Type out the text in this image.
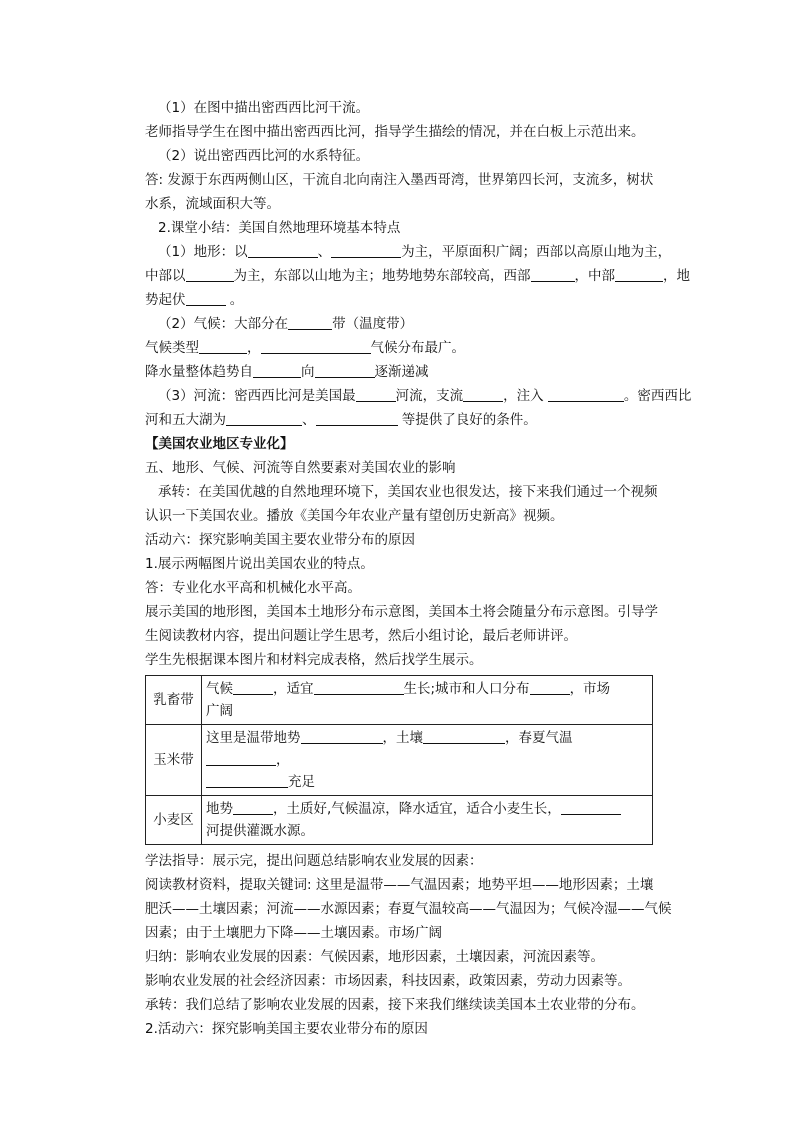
（1）在图中描出密西西比河干流。
老师指导学生在图中描出密西西比河，指导学生描绘的情况，并在白板上示范出来。
（2）说出密西西比河的水系特征。
答: 发源于东西两侧山区，干流自北向南注入墨西哥湾，世界第四长河，支流多，树状
水系，流域面积大等。
2.课堂小结：美国自然地理环境基本特点
（1）地形：以	、	为主，平原面积广阔；西部以高原山地为主，
中部以	为主，东部以山地为主；地势地势东部较高，西部	，中部	，地
势起伏	。
（2）气候：大部分在	带（温度带）
气候类型	，	气候分布最广。
降水量整体趋势自	向	逐渐递减
（3）河流：密西西比河是美国最	河流，支流	，注入	。密西西比
河和五大湖为	、	等提供了良好的条件。
【美国农业地区专业化】
五、地形、气候、河流等自然要素对美国农业的影响
承转：在美国优越的自然地理环境下，美国农业也很发达，接下来我们通过一个视频
认识一下美国农业。播放《美国今年农业产量有望创历史新高》视频。
活动六：探究影响美国主要农业带分布的原因
1.展示两幅图片说出美国农业的特点。
答：专业化水平高和机械化水平高。
展示美国的地形图，美国本土地形分布示意图，美国本土将会随量分布示意图。引导学
生阅读教材内容，提出问题让学生思考，然后小组讨论，最后老师讲评。
学生先根据课本图片和材料完成表格，然后找学生展示。
乳畜带	气候 ，适宜 生长;城市和人口分布 ，市场
广阔
玉米带	这里是温带地势 ，土壤 ，春夏气温
，
充足
小麦区	地势 ，土质好,气候温凉，降水适宜，适合小麦生长，
河提供灌溉水源。
学法指导：展示完，提出问题总结影响农业发展的因素：
阅读教材资料，提取关键词: 这里是温带——气温因素；地势平坦——地形因素；土壤
肥沃——土壤因素；河流——水源因素；春夏气温较高——气温因为；气候冷湿——气候
因素；由于土壤肥力下降——土壤因素。市场广阔
归纳：影响农业发展的因素：气候因素，地形因素，土壤因素，河流因素等。
影响农业发展的社会经济因素：市场因素，科技因素，政策因素，劳动力因素等。
承转：我们总结了影响农业发展的因素，接下来我们继续读美国本土农业带的分布。
2.活动六：探究影响美国主要农业带分布的原因
